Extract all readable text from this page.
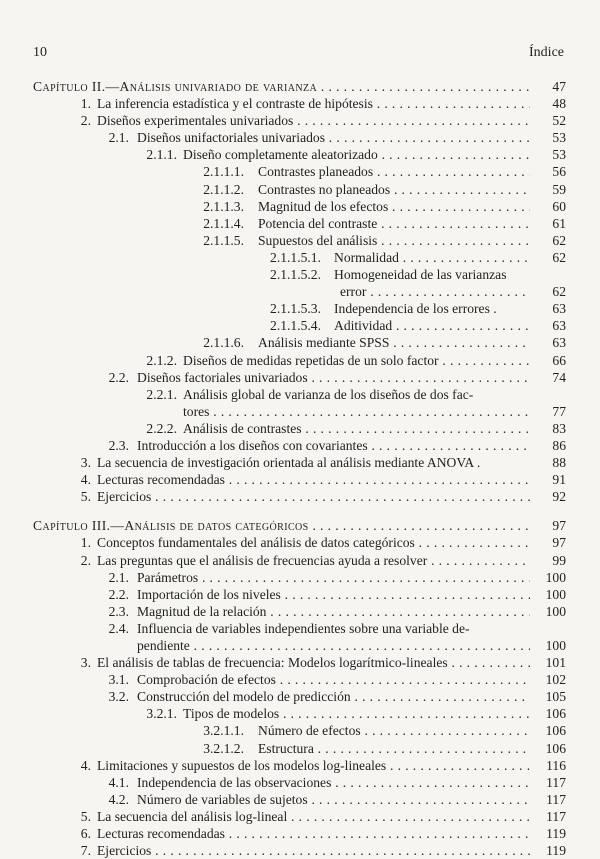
10	Índice
Capítulo II.—Análisis univariado de varianza . . .	47
1. La inferencia estadística y el contraste de hipótesis . . .	48
2. Diseños experimentales univariados . . .	52
2.1. Diseños unifactoriales univariados . . .	53
2.1.1. Diseño completamente aleatorizado . . .	53
2.1.1.1. Contrastes planeados . . .	56
2.1.1.2. Contrastes no planeados . . .	59
2.1.1.3. Magnitud de los efectos . . .	60
2.1.1.4. Potencia del contraste . . .	61
2.1.1.5. Supuestos del análisis . . .	62
2.1.1.5.1. Normalidad . . .	62
2.1.1.5.2. Homogeneidad de las varianzas
error . . .	62
2.1.1.5.3. Independencia de los errores .	63
2.1.1.5.4. Aditividad . . .	63
2.1.1.6. Análisis mediante SPSS . . .	63
2.1.2. Diseños de medidas repetidas de un solo factor . . .	66
2.2. Diseños factoriales univariados . . .	74
2.2.1. Análisis global de varianza de los diseños de dos fac-
tores . . .	77
2.2.2. Análisis de contrastes . . .	83
2.3. Introducción a los diseños con covariantes . . .	86
3. La secuencia de investigación orientada al análisis mediante ANOVA .	88
4. Lecturas recomendadas . . .	91
5. Ejercicios . . .	92
Capítulo III.—Análisis de datos categóricos . . .	97
1. Conceptos fundamentales del análisis de datos categóricos . . .	97
2. Las preguntas que el análisis de frecuencias ayuda a resolver . . .	99
2.1. Parámetros . . .	100
2.2. Importación de los niveles . . .	100
2.3. Magnitud de la relación . . .	100
2.4. Influencia de variables independientes sobre una variable de-
pendiente . . .	100
3. El análisis de tablas de frecuencia: Modelos logarítmico-lineales . . .	101
3.1. Comprobación de efectos . . .	102
3.2. Construcción del modelo de predicción . . .	105
3.2.1. Tipos de modelos . . .	106
3.2.1.1. Número de efectos . . .	106
3.2.1.2. Estructura . . .	106
4. Limitaciones y supuestos de los modelos log-lineales . . .	116
4.1. Independencia de las observaciones . . .	117
4.2. Número de variables de sujetos . . .	117
5. La secuencia del análisis log-lineal . . .	117
6. Lecturas recomendadas . . .	119
7. Ejercicios . . .	119
